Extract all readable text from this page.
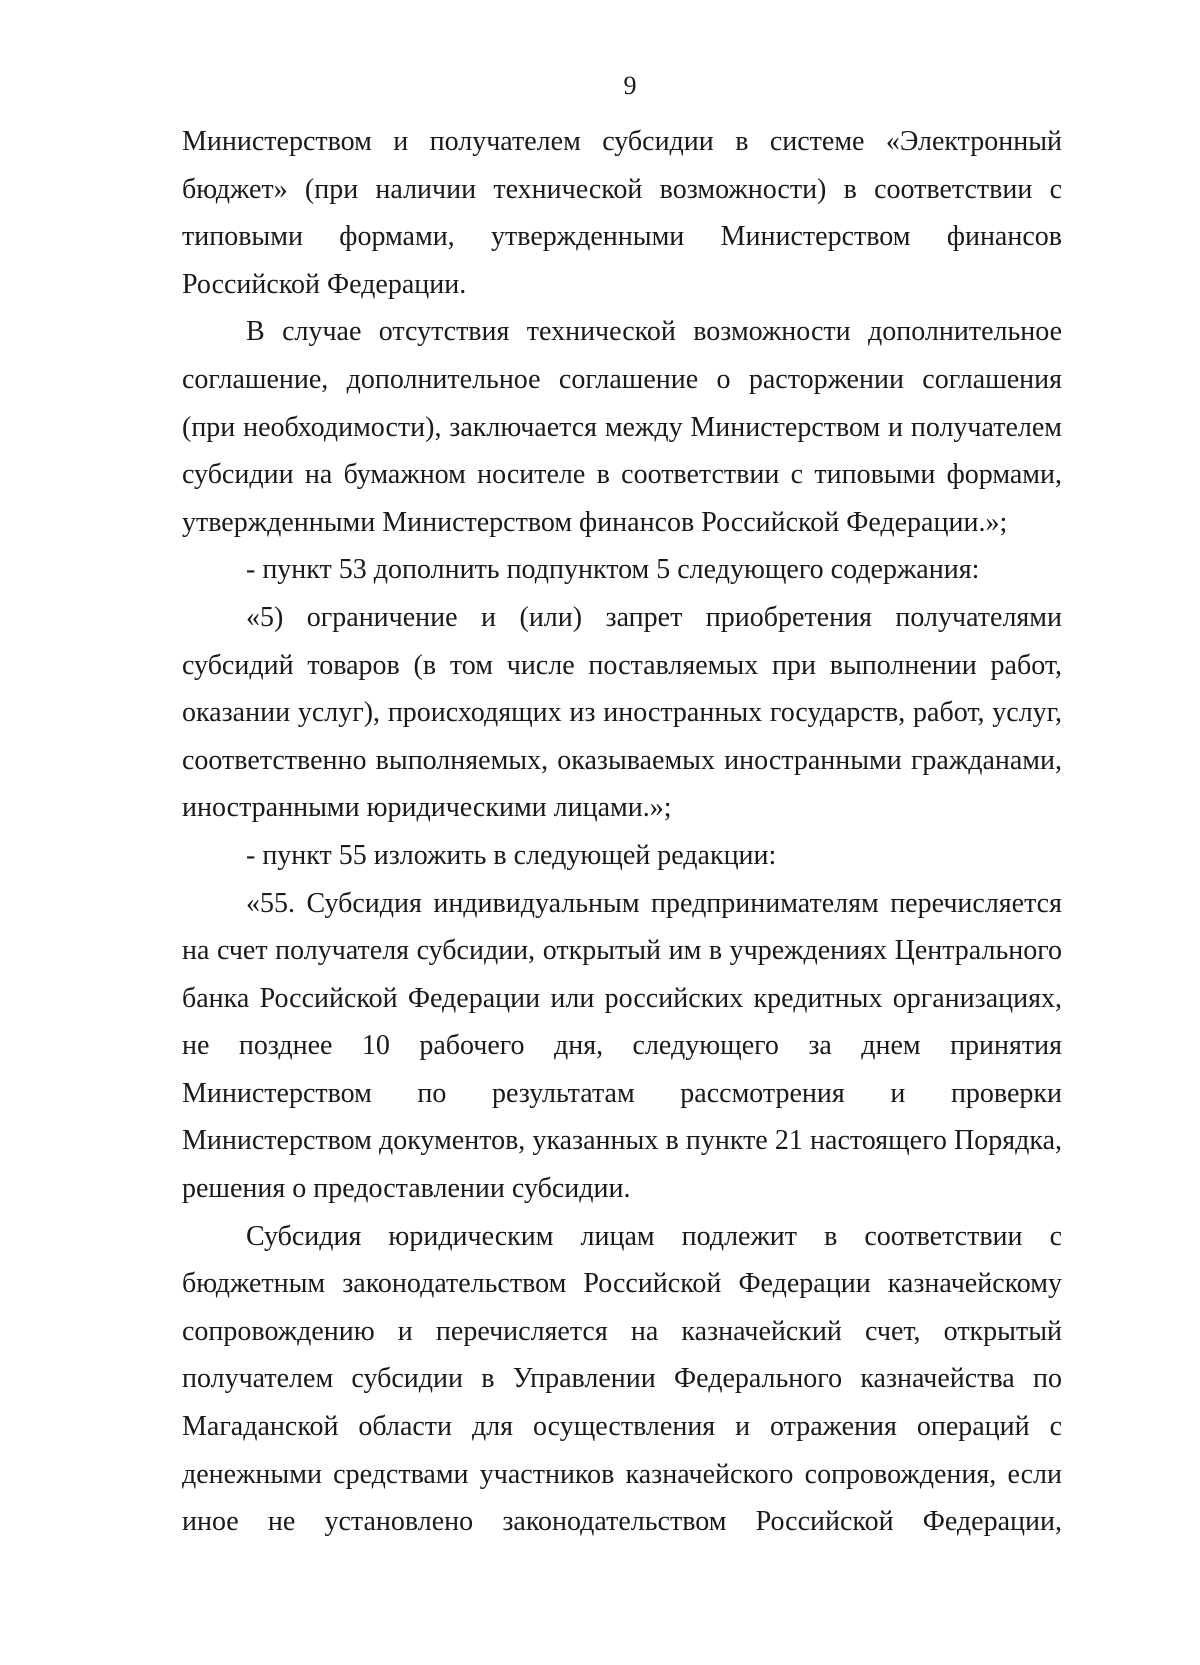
9

Министерством и получателем субсидии в системе «Электронный бюджет» (при наличии технической возможности) в соответствии с типовыми формами, утвержденными Министерством финансов Российской Федерации.

В случае отсутствия технической возможности дополнительное соглашение, дополнительное соглашение о расторжении соглашения (при необходимости), заключается между Министерством и получателем субсидии на бумажном носителе в соответствии с типовыми формами, утвержденными Министерством финансов Российской Федерации.»;

- пункт 53 дополнить подпунктом 5 следующего содержания:

«5) ограничение и (или) запрет приобретения получателями субсидий товаров (в том числе поставляемых при выполнении работ, оказании услуг), происходящих из иностранных государств, работ, услуг, соответственно выполняемых, оказываемых иностранными гражданами, иностранными юридическими лицами.»;

- пункт 55 изложить в следующей редакции:

«55. Субсидия индивидуальным предпринимателям перечисляется на счет получателя субсидии, открытый им в учреждениях Центрального банка Российской Федерации или российских кредитных организациях, не позднее 10 рабочего дня, следующего за днем принятия Министерством по результатам рассмотрения и проверки Министерством документов, указанных в пункте 21 настоящего Порядка, решения о предоставлении субсидии.

Субсидия юридическим лицам подлежит в соответствии с бюджетным законодательством Российской Федерации казначейскому сопровождению и перечисляется на казначейский счет, открытый получателем субсидии в Управлении Федерального казначейства по Магаданской области для осуществления и отражения операций с денежными средствами участников казначейского сопровождения, если иное не установлено законодательством Российской Федерации,
